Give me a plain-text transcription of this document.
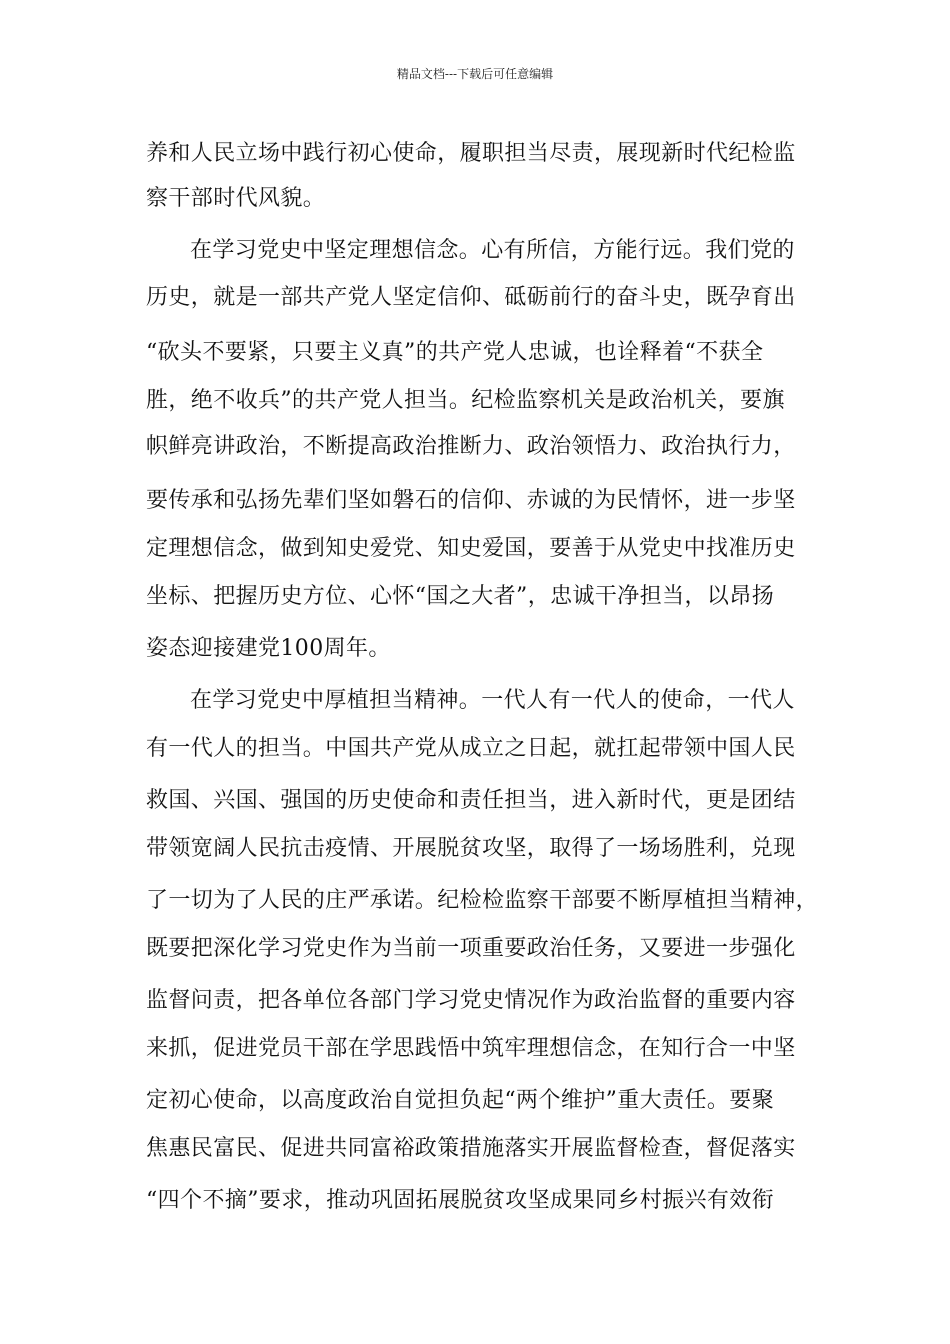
精品文档---下载后可任意编辑
养和人民立场中践行初心使命，履职担当尽责，展现新时代纪检监
察干部时代风貌。
在学习党史中坚定理想信念。心有所信，方能行远。我们党的
历史，就是一部共产党人坚定信仰、砥砺前行的奋斗史，既孕育出
“砍头不要紧，只要主义真”的共产党人忠诚，也诠释着“不获全
胜，绝不收兵”的共产党人担当。纪检监察机关是政治机关，要旗
帜鲜亮讲政治，不断提高政治推断力、政治领悟力、政治执行力，
要传承和弘扬先辈们坚如磐石的信仰、赤诚的为民情怀，进一步坚
定理想信念，做到知史爱党、知史爱国，要善于从党史中找准历史
坐标、把握历史方位、心怀“国之大者”，忠诚干净担当，以昂扬
姿态迎接建党100周年。
在学习党史中厚植担当精神。一代人有一代人的使命，一代人
有一代人的担当。中国共产党从成立之日起，就扛起带领中国人民
救国、兴国、强国的历史使命和责任担当，进入新时代，更是团结
带领宽阔人民抗击疫情、开展脱贫攻坚，取得了一场场胜利，兑现
了一切为了人民的庄严承诺。纪检检监察干部要不断厚植担当精神，
既要把深化学习党史作为当前一项重要政治任务，又要进一步强化
监督问责，把各单位各部门学习党史情况作为政治监督的重要内容
来抓，促进党员干部在学思践悟中筑牢理想信念，在知行合一中坚
定初心使命，以高度政治自觉担负起“两个维护”重大责任。要聚
焦惠民富民、促进共同富裕政策措施落实开展监督检查，督促落实
“四个不摘”要求，推动巩固拓展脱贫攻坚成果同乡村振兴有效衔
